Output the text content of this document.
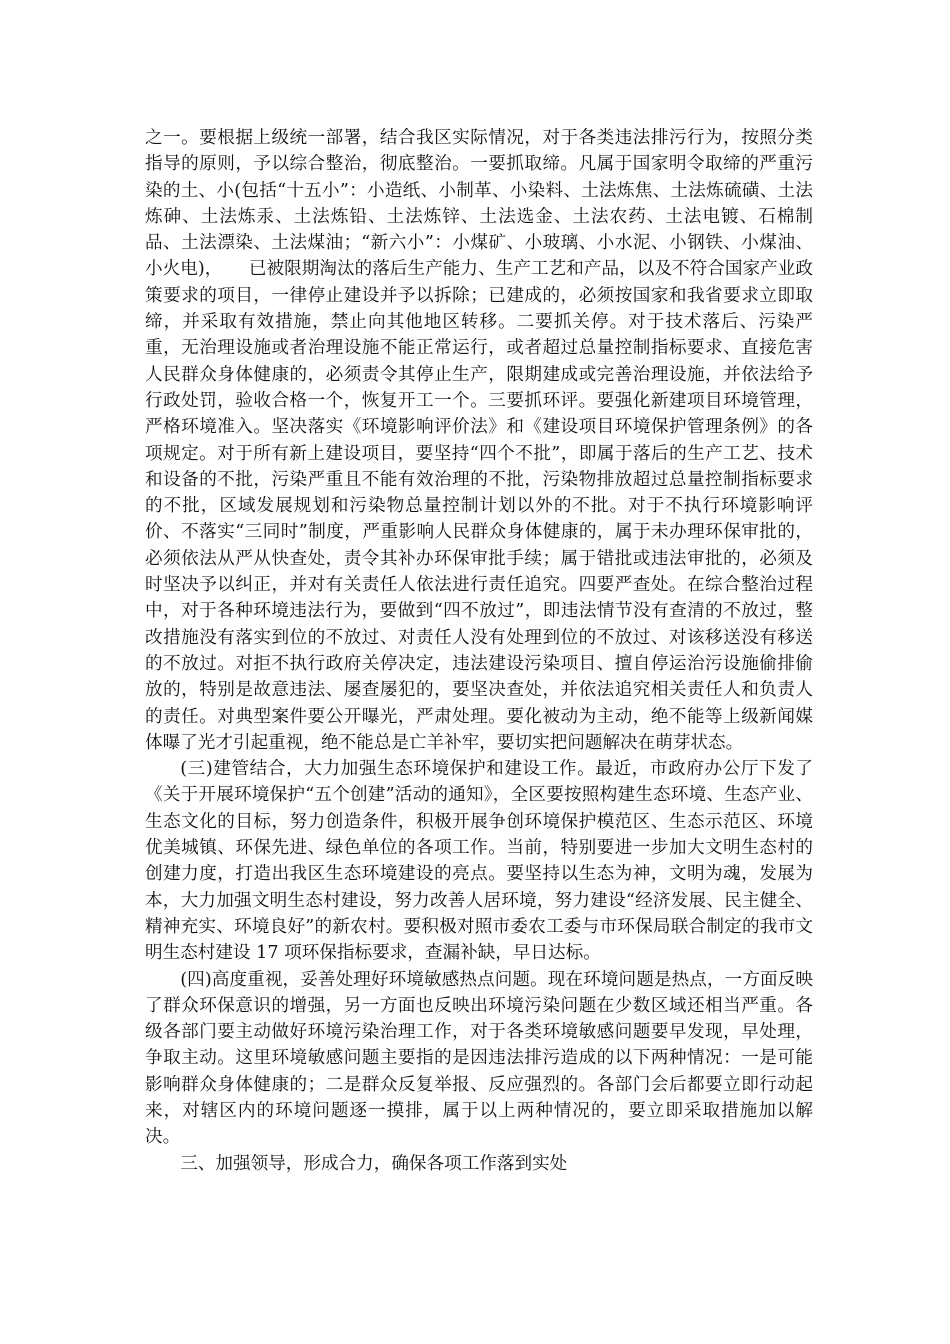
之一。要根据上级统一部署，结合我区实际情况，对于各类违法排污行为，按照分类指导的原则，予以综合整治，彻底整治。一要抓取缔。凡属于国家明令取缔的严重污染的土、小(包括“十五小”：小造纸、小制革、小染料、土法炼焦、土法炼硫磺、土法炼砷、土法炼汞、土法炼铅、土法炼锌、土法选金、土法农药、土法电镀、石棉制品、土法漂染、土法煤油；“新六小”：小煤矿、小玻璃、小水泥、小钢铁、小煤油、小火电)，　　已被限期淘汰的落后生产能力、生产工艺和产品，以及不符合国家产业政策要求的项目，一律停止建设并予以拆除；已建成的，必须按国家和我省要求立即取缔，并采取有效措施，禁止向其他地区转移。二要抓关停。对于技术落后、污染严重，无治理设施或者治理设施不能正常运行，或者超过总量控制指标要求、直接危害人民群众身体健康的，必须责令其停止生产，限期建成或完善治理设施，并依法给予行政处罚，验收合格一个，恢复开工一个。三要抓环评。要强化新建项目环境管理，严格环境准入。坚决落实《环境影响评价法》和《建设项目环境保护管理条例》的各项规定。对于所有新上建设项目，要坚持“四个不批”，即属于落后的生产工艺、技术和设备的不批，污染严重且不能有效治理的不批，污染物排放超过总量控制指标要求的不批，区域发展规划和污染物总量控制计划以外的不批。对于不执行环境影响评价、不落实“三同时”制度，严重影响人民群众身体健康的，属于未办理环保审批的，必须依法从严从快查处，责令其补办环保审批手续；属于错批或违法审批的，必须及时坚决予以纠正，并对有关责任人依法进行责任追究。四要严查处。在综合整治过程中，对于各种环境违法行为，要做到“四不放过”，即违法情节没有查清的不放过，整改措施没有落实到位的不放过、对责任人没有处理到位的不放过、对该移送没有移送的不放过。对拒不执行政府关停决定，违法建设污染项目、擅自停运治污设施偷排偷放的，特别是故意违法、屡查屡犯的，要坚决查处，并依法追究相关责任人和负责人的责任。对典型案件要公开曝光，严肃处理。要化被动为主动，绝不能等上级新闻媒体曝了光才引起重视，绝不能总是亡羊补牢，要切实把问题解决在萌芽状态。

(三)建管结合，大力加强生态环境保护和建设工作。最近，市政府办公厅下发了《关于开展环境保护“五个创建”活动的通知》，全区要按照构建生态环境、生态产业、生态文化的目标，努力创造条件，积极开展争创环境保护模范区、生态示范区、环境优美城镇、环保先进、绿色单位的各项工作。当前，特别要进一步加大文明生态村的创建力度，打造出我区生态环境建设的亮点。要坚持以生态为神，文明为魂，发展为本，大力加强文明生态村建设，努力改善人居环境，努力建设“经济发展、民主健全、精神充实、环境良好”的新农村。要积极对照市委农工委与市环保局联合制定的我市文明生态村建设 17 项环保指标要求，查漏补缺，早日达标。

(四)高度重视，妥善处理好环境敏感热点问题。现在环境问题是热点，一方面反映了群众环保意识的增强，另一方面也反映出环境污染问题在少数区域还相当严重。各级各部门要主动做好环境污染治理工作，对于各类环境敏感问题要早发现，早处理，争取主动。这里环境敏感问题主要指的是因违法排污造成的以下两种情况：一是可能影响群众身体健康的；二是群众反复举报、反应强烈的。各部门会后都要立即行动起来，对辖区内的环境问题逐一摸排，属于以上两种情况的，要立即采取措施加以解决。

三、加强领导，形成合力，确保各项工作落到实处
